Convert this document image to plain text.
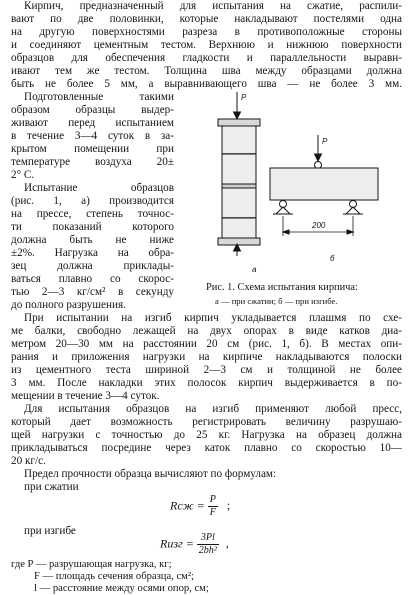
Кирпич, предназначенный для испытания на сжатие, распили-
вают по две половинки, которые накладывают постелями одна
на другую поверхностями разреза в противоположные стороны
и соединяют цементным тестом. Верхнюю и нижнюю поверхности
образцов для обеспечения гладкости и параллельности выравн-
ивают тем же тестом. Толщина шва между образцами должна
быть не более 5 мм, а выравнивающего шва — не более 3 мм.
Подготовленные такими
образом образцы выдер-
живают перед испытанием
в течение 3—4 суток в за-
крытом помещении при
температуре воздуха 20±
2° С.
Испытание образцов
(рис. 1, а) производится
на прессе, степень точнос-
ти показаний которого
должна быть не ниже
±2%. Нагрузка на обра-
зец должна приклады-
ваться плавно со скорос-
тью 2—3 кг/см² в секунду
до полного разрушения.
P
P
200
а
б
Рис. 1. Схема испытания кирпича:
а — при сжатии; б — при изгибе.
При испытании на изгиб кирпич укладывается плашмя по схе-
ме балки, свободно лежащей на двух опорах в виде катков диа-
метром 20—30 мм на расстоянии 20 см (рис. 1, б). В местах опи-
рания и приложения нагрузки на кирпиче накладываются полоски
из цементного теста шириной 2—3 см и толщиной не более
3 мм. После накладки этих полосок кирпич выдерживается в по-
мещении в течение 3—4 суток.
Для испытания образцов на изгиб применяют любой пресс,
который дает возможность регистрировать величину разрушаю-
щей нагрузки с точностью до 25 кг. Нагрузка на образец должна
прикладываться посредине через каток плавно со скоростью 10—
20 кг/с.
Предел прочности образца вычисляют по формулам:
при сжатии
Rсж = $\frac{P}{F}$ ;
при изгибе
Rизг = $\frac{3Pl}{\text{2bh²}}$ ,
где P — разрушающая нагрузка, кг;
F — площадь сечения образца, см²;
l — расстояние между осями опор, см;
